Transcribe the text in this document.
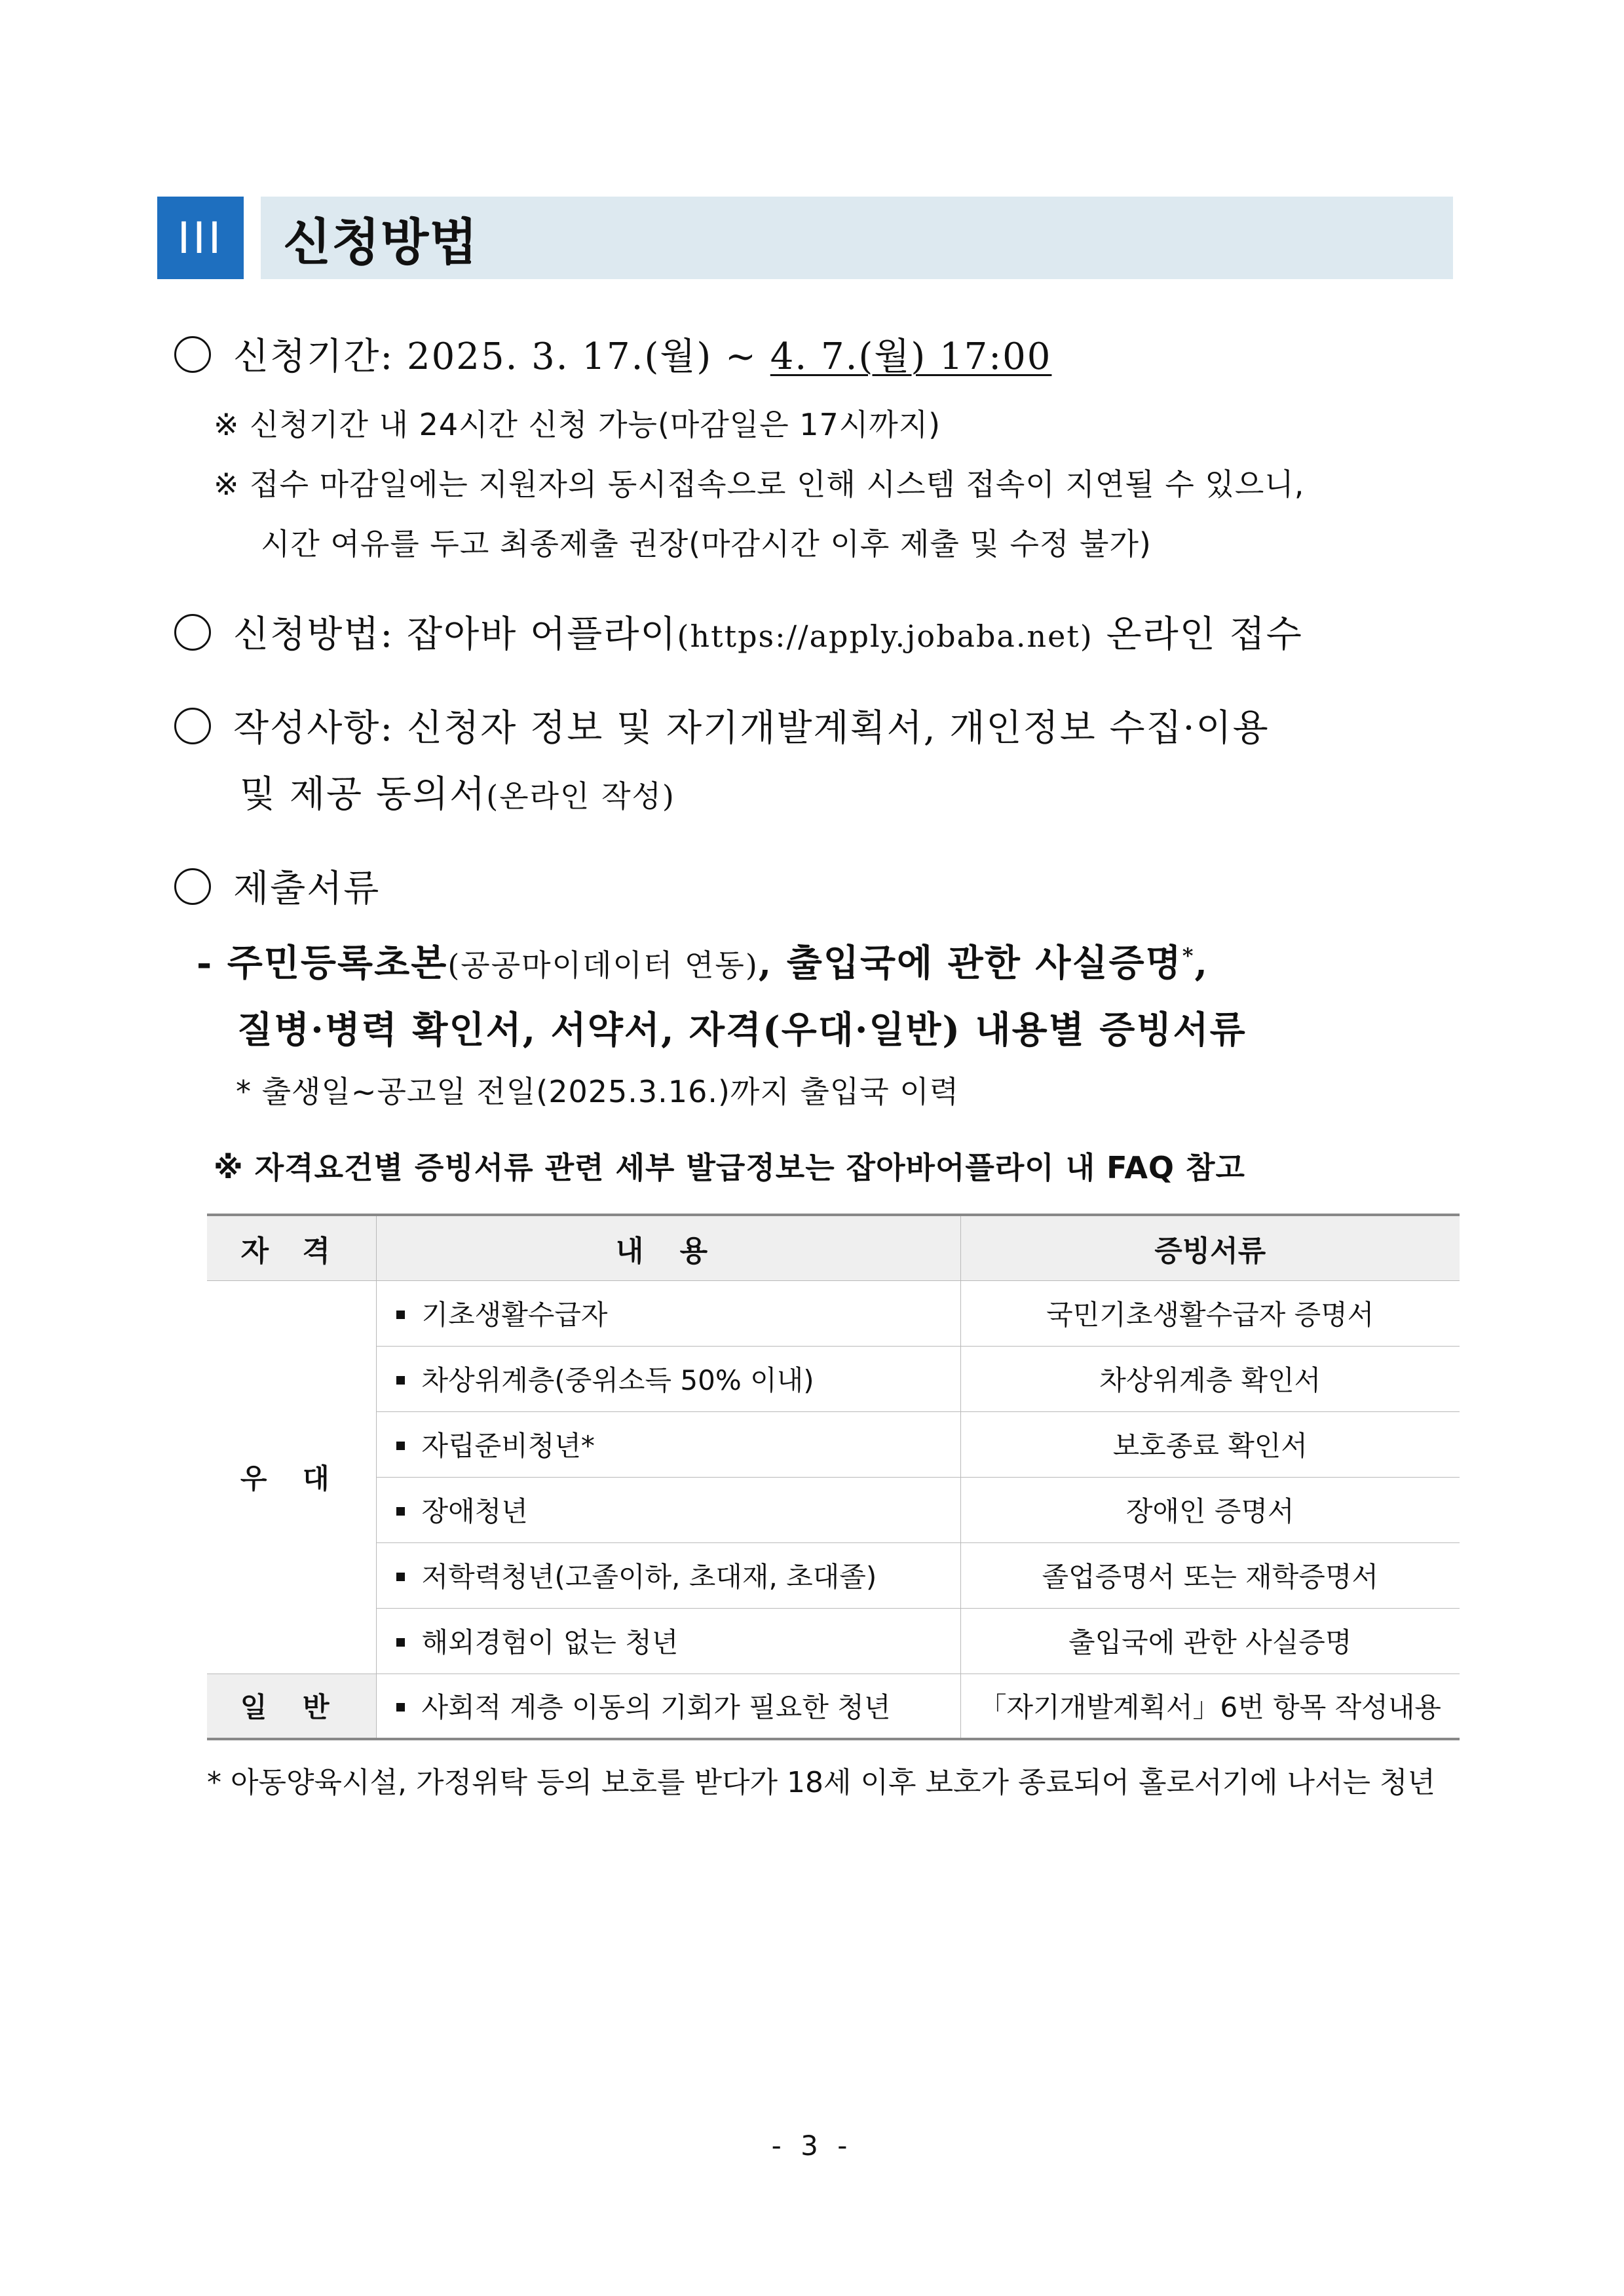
III 신청방법
신청기간: 2025. 3. 17.(월) ~ 4. 7.(월) 17:00
※ 신청기간 내 24시간 신청 가능(마감일은 17시까지)
※ 접수 마감일에는 지원자의 동시접속으로 인해 시스템 접속이 지연될 수 있으니,
시간 여유를 두고 최종제출 권장(마감시간 이후 제출 및 수정 불가)
신청방법: 잡아바 어플라이(https://apply.jobaba.net) 온라인 접수
작성사항: 신청자 정보 및 자기개발계획서, 개인정보 수집·이용
및 제공 동의서(온라인 작성)
제출서류
- 주민등록초본(공공마이데이터 연동), 출입국에 관한 사실증명*,
질병·병력 확인서, 서약서, 자격(우대·일반) 내용별 증빙서류
* 출생일~공고일 전일(2025.3.16.)까지 출입국 이력
※ 자격요건별 증빙서류 관련 세부 발급정보는 잡아바어플라이 내 FAQ 참고
자 격	내 용	증빙서류
우 대	기초생활수급자	국민기초생활수급자 증명서
	차상위계층(중위소득 50% 이내)	차상위계층 확인서
	자립준비청년*	보호종료 확인서
	장애청년	장애인 증명서
	저학력청년(고졸이하, 초대재, 초대졸)	졸업증명서 또는 재학증명서
	해외경험이 없는 청년	출입국에 관한 사실증명
일 반	사회적 계층 이동의 기회가 필요한 청년	「자기개발계획서」6번 항목 작성내용
* 아동양육시설, 가정위탁 등의 보호를 받다가 18세 이후 보호가 종료되어 홀로서기에 나서는 청년
- 3 -
